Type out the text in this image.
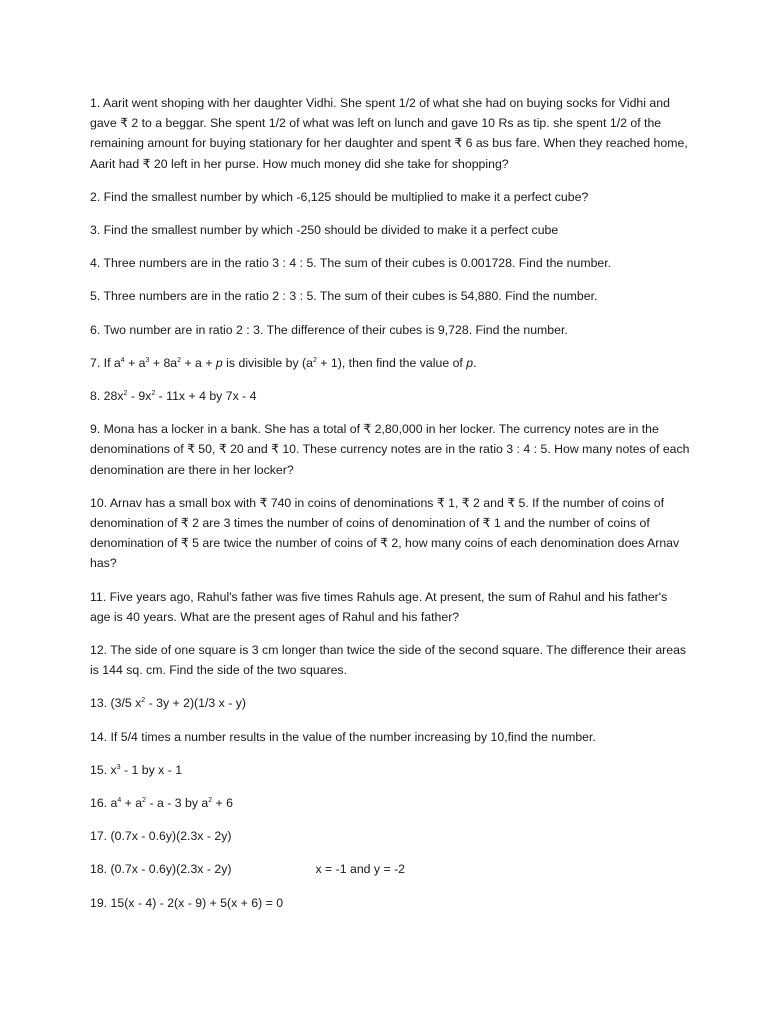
1. Aarit went shoping with her daughter Vidhi. She spent 1/2 of what she had on buying socks for Vidhi and gave ₹ 2 to a beggar. She spent 1/2 of what was left on lunch and gave 10 Rs as tip. she spent 1/2 of the remaining amount for buying stationary for her daughter and spent ₹ 6 as bus fare. When they reached home, Aarit had ₹ 20 left in her purse. How much money did she take for shopping?

2. Find the smallest number by which -6,125 should be multiplied to make it a perfect cube?

3. Find the smallest number by which -250 should be divided to make it a perfect cube

4. Three numbers are in the ratio 3 : 4 : 5. The sum of their cubes is 0.001728. Find the number.

5. Three numbers are in the ratio 2 : 3 : 5. The sum of their cubes is 54,880. Find the number.

6. Two number are in ratio 2 : 3. The difference of their cubes is 9,728. Find the number.

7. If $a^4 + a^3 + 8a^2 + a + p$ is divisible by $(a^2 + 1)$, then find the value of p.

8. $28x^2 - 9x^2 - 11x + 4$ by 7x - 4

9. Mona has a locker in a bank. She has a total of ₹ 2,80,000 in her locker. The currency notes are in the denominations of ₹ 50, ₹ 20 and ₹ 10. These currency notes are in the ratio 3 : 4 : 5. How many notes of each denomination are there in her locker?

10. Arnav has a small box with ₹ 740 in coins of denominations ₹ 1, ₹ 2 and ₹ 5. If the number of coins of denomination of ₹ 2 are 3 times the number of coins of denomination of ₹ 1 and the number of coins of denomination of ₹ 5 are twice the number of coins of ₹ 2, how many coins of each denomination does Arnav has?

11. Five years ago, Rahul's father was five times Rahuls age. At present, the sum of Rahul and his father's age is 40 years. What are the present ages of Rahul and his father?

12. The side of one square is 3 cm longer than twice the side of the second square. The difference their areas is 144 sq. cm. Find the side of the two squares.

13. (3/5 $x^2 - 3y + 2)(1/3$ x - y)

14. If 5/4 times a number results in the value of the number increasing by 10,find the number.

15. $x^3 - 1$ by x - 1

16. $a^4 + a^2 - a - 3$ by $a^2 + 6$

17. (0.7x - 0.6y)(2.3x - 2y)

18. (0.7x - 0.6y)(2.3x - 2y)	x = -1 and y = -2

19. 15(x - 4) - 2(x - 9) + 5(x + 6) = 0
